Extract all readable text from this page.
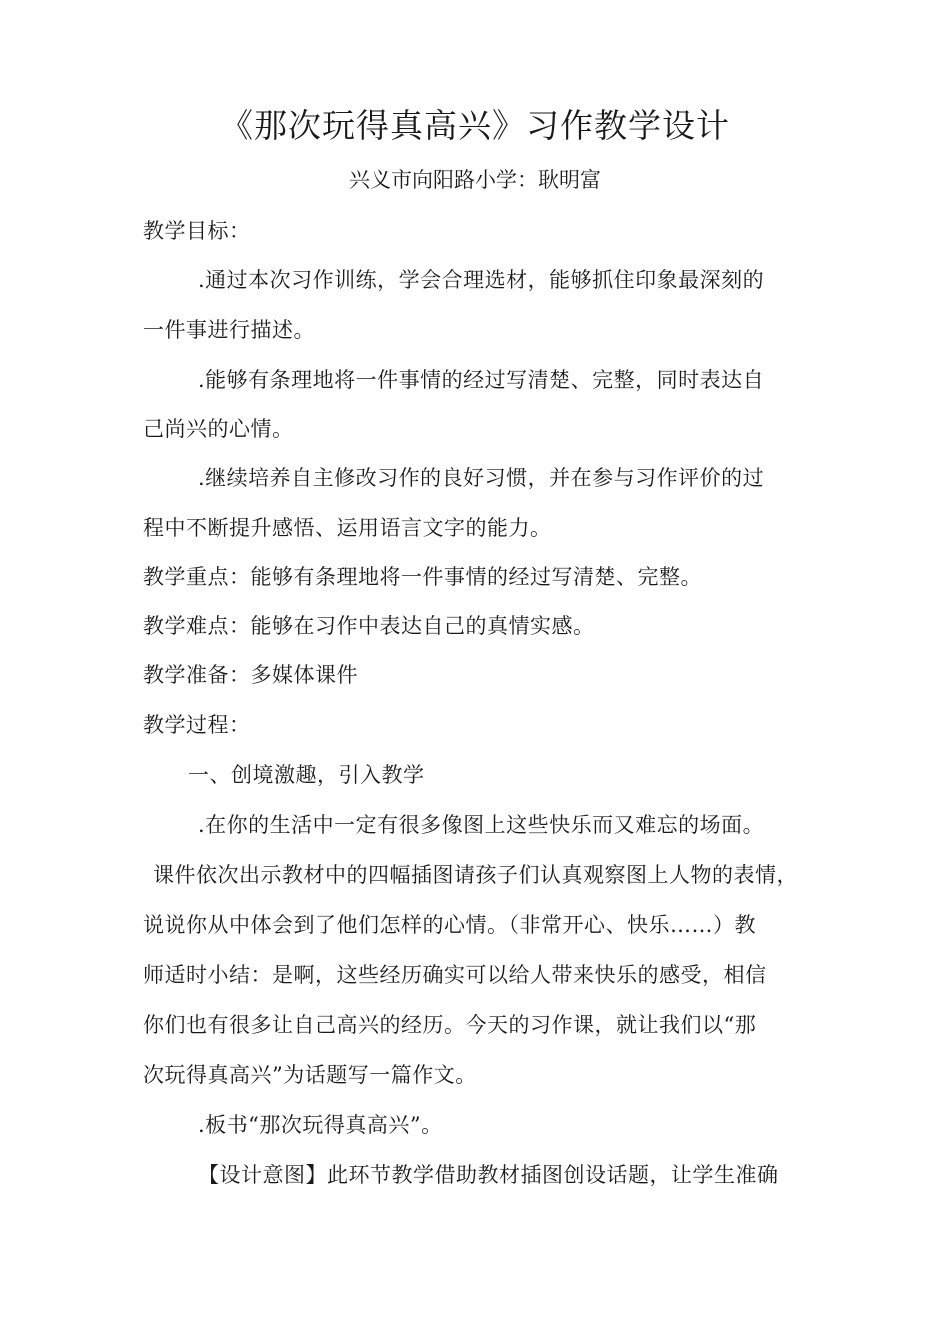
《那次玩得真高兴》习作教学设计
兴义市向阳路小学：耿明富
教学目标：
.通过本次习作训练，学会合理选材，能够抓住印象最深刻的
一件事进行描述。
.能够有条理地将一件事情的经过写清楚、完整，同时表达自
己尚兴的心情。
.继续培养自主修改习作的良好习惯，并在参与习作评价的过
程中不断提升感悟、运用语言文字的能力。
教学重点：能够有条理地将一件事情的经过写清楚、完整。
教学难点：能够在习作中表达自己的真情实感。
教学准备：多媒体课件
教学过程：
一、创境激趣，引入教学
.在你的生活中一定有很多像图上这些快乐而又难忘的场面。
课件依次出示教材中的四幅插图请孩子们认真观察图上人物的表情，
说说你从中体会到了他们怎样的心情。（非常开心、快乐……）教
师适时小结：是啊，这些经历确实可以给人带来快乐的感受，相信
你们也有很多让自己高兴的经历。今天的习作课，就让我们以“那
次玩得真高兴”为话题写一篇作文。
.板书“那次玩得真高兴”。
【设计意图】此环节教学借助教材插图创设话题，让学生准确
